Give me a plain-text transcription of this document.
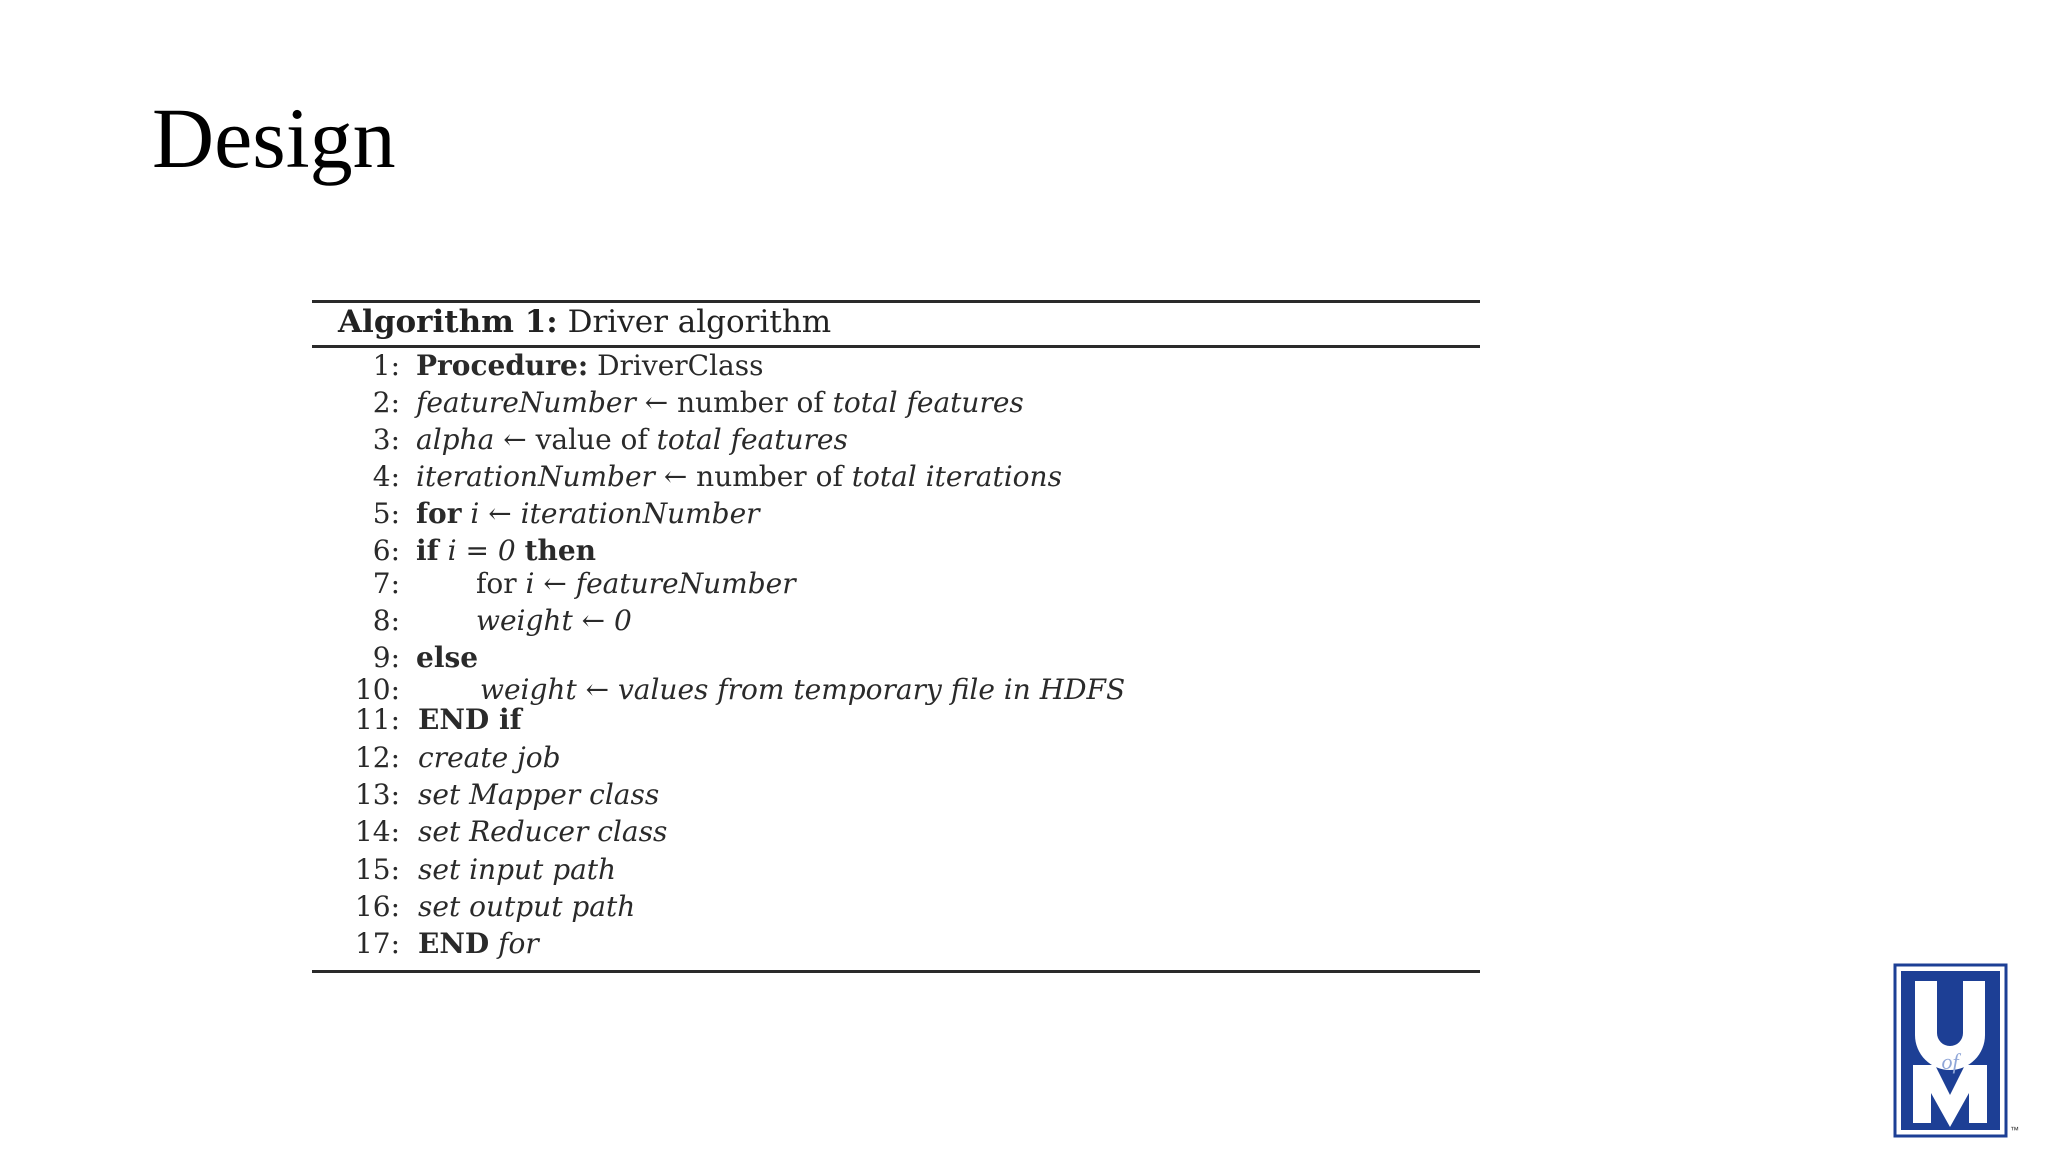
Design
Algorithm 1: Driver algorithm
1: Procedure: DriverClass
2: featureNumber ← number of total features
3: alpha ← value of total features
4: iterationNumber ← number of total iterations
5: for i ← iterationNumber
6: if i = 0 then
7:	for i ← featureNumber
8:	weight ← 0
9: else
10:	weight ← values from temporary file in HDFS
11: END if
12: create job
13: set Mapper class
14: set Reducer class
15: set input path
16: set output path
17: END for
of
™
